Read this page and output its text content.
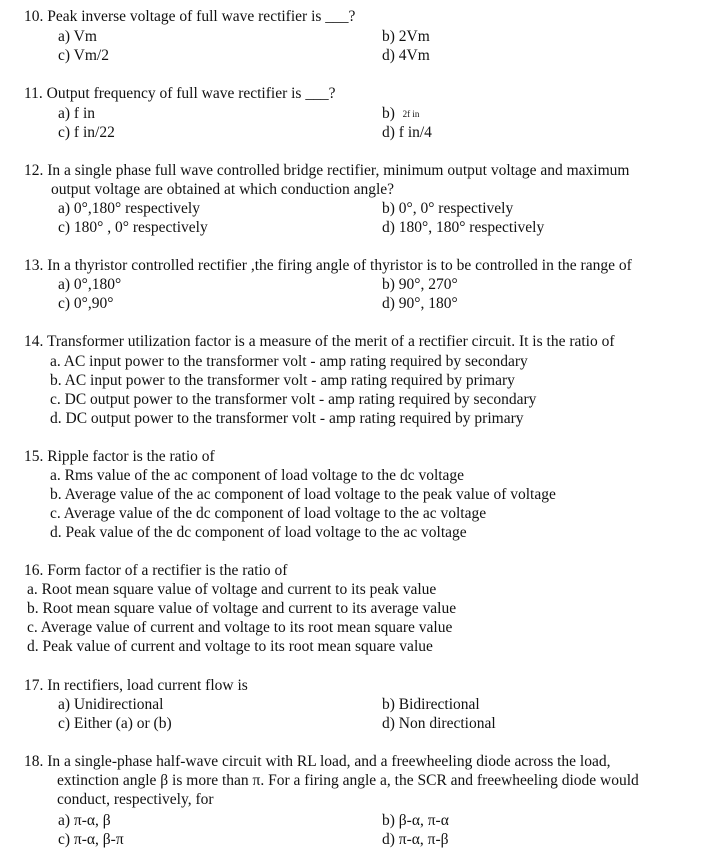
10. Peak inverse voltage of full wave rectifier is ___?
a) Vm	b) 2Vm
c) Vm/2	d) 4Vm
11. Output frequency of full wave rectifier is ___?
a) f in	b) 2f in
c) f in/22	d) f in/4
12. In a single phase full wave controlled bridge rectifier, minimum output voltage and maximum
output voltage are obtained at which conduction angle?
a) 0°,180° respectively	b) 0°, 0° respectively
c) 180° , 0° respectively	d) 180°, 180° respectively
13. In a thyristor controlled rectifier ,the firing angle of thyristor is to be controlled in the range of
a) 0°,180°	b) 90°, 270°
c) 0°,90°	d) 90°, 180°
14. Transformer utilization factor is a measure of the merit of a rectifier circuit. It is the ratio of
a. AC input power to the transformer volt - amp rating required by secondary
b. AC input power to the transformer volt - amp rating required by primary
c. DC output power to the transformer volt - amp rating required by secondary
d. DC output power to the transformer volt - amp rating required by primary
15. Ripple factor is the ratio of
a. Rms value of the ac component of load voltage to the dc voltage
b. Average value of the ac component of load voltage to the peak value of voltage
c. Average value of the dc component of load voltage to the ac voltage
d. Peak value of the dc component of load voltage to the ac voltage
16. Form factor of a rectifier is the ratio of
a. Root mean square value of voltage and current to its peak value
b. Root mean square value of voltage and current to its average value
c. Average value of current and voltage to its root mean square value
d. Peak value of current and voltage to its root mean square value
17. In rectifiers, load current flow is
a) Unidirectional	b) Bidirectional
c) Either (a) or (b)	d) Non directional
18. In a single-phase half-wave circuit with RL load, and a freewheeling diode across the load,
extinction angle β is more than π. For a firing angle a, the SCR and freewheeling diode would
conduct, respectively, for
a) π-α, β	b) β-α, π-α
c) π-α, β-π	d) π-α, π-β
